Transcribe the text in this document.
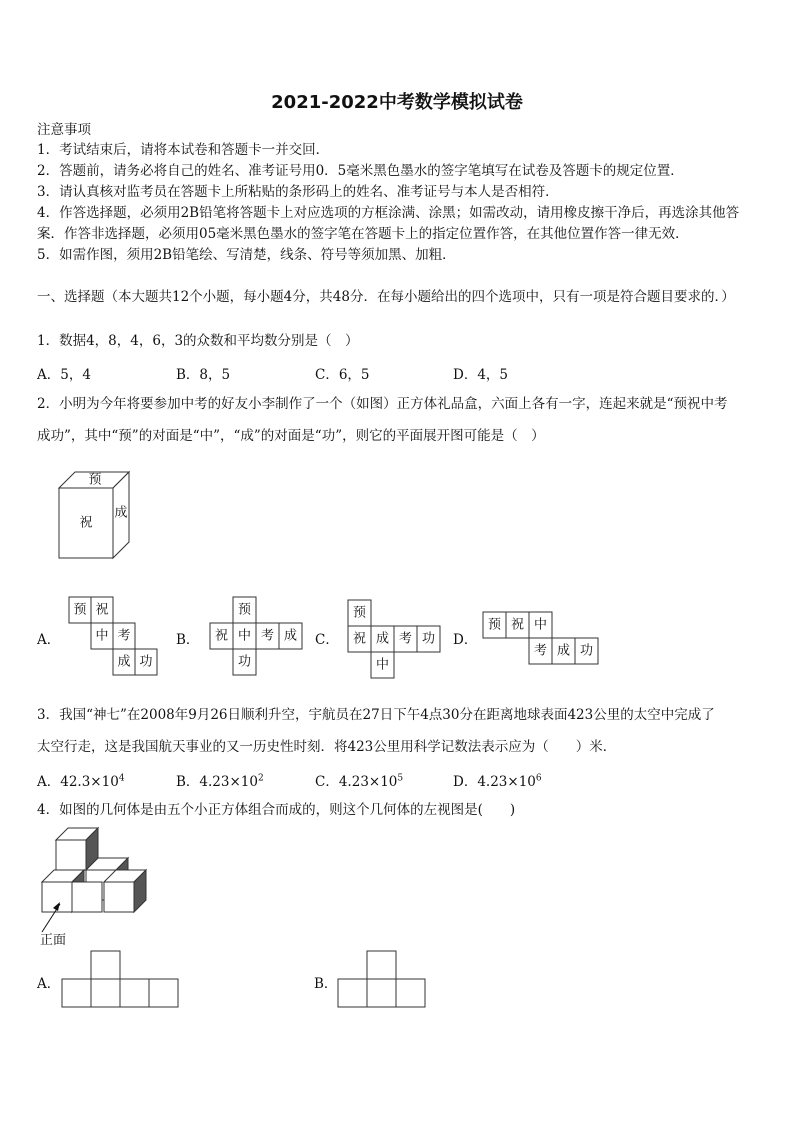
2021-2022中考数学模拟试卷
注意事项
1．考试结束后，请将本试卷和答题卡一并交回．
2．答题前，请务必将自己的姓名、准考证号用0．5毫米黑色墨水的签字笔填写在试卷及答题卡的规定位置．
3．请认真核对监考员在答题卡上所粘贴的条形码上的姓名、准考证号与本人是否相符．
4．作答选择题，必须用2B铅笔将答题卡上对应选项的方框涂满、涂黑；如需改动，请用橡皮擦干净后，再选涂其他答案．作答非选择题，必须用05毫米黑色墨水的签字笔在答题卡上的指定位置作答，在其他位置作答一律无效．
5．如需作图，须用2B铅笔绘、写清楚，线条、符号等须加黑、加粗．
一、选择题（本大题共12个小题，每小题4分，共48分．在每小题给出的四个选项中，只有一项是符合题目要求的．）
1．数据4，8，4，6，3的众数和平均数分别是（　）
A．5，4	B．8，5	C．6，5	D．4，5
2．小明为今年将要参加中考的好友小李制作了一个（如图）正方体礼品盒，六面上各有一字，连起来就是“预祝中考
成功”，其中“预”的对面是“中”，“成”的对面是“功”，则它的平面展开图可能是（　）
预
祝
成
A．	B．	C．	D．
预 祝
中 考
成 功
预
祝 中 考 成
功
预
祝 成 考 功
中
预 祝 中
考 成 功
3．我国“神七”在2008年9月26日顺利升空，宇航员在27日下午4点30分在距离地球表面423公里的太空中完成了
太空行走，这是我国航天事业的又一历史性时刻．将423公里用科学记数法表示应为（　　）米．
A．$42.3\times 10^4$	B．$4.23\times 10^2$	C．$4.23\times 10^5$	D．$4.23\times 10^6$
4．如图的几何体是由五个小正方体组合而成的，则这个几何体的左视图是(　　)
正面
A．	B．
